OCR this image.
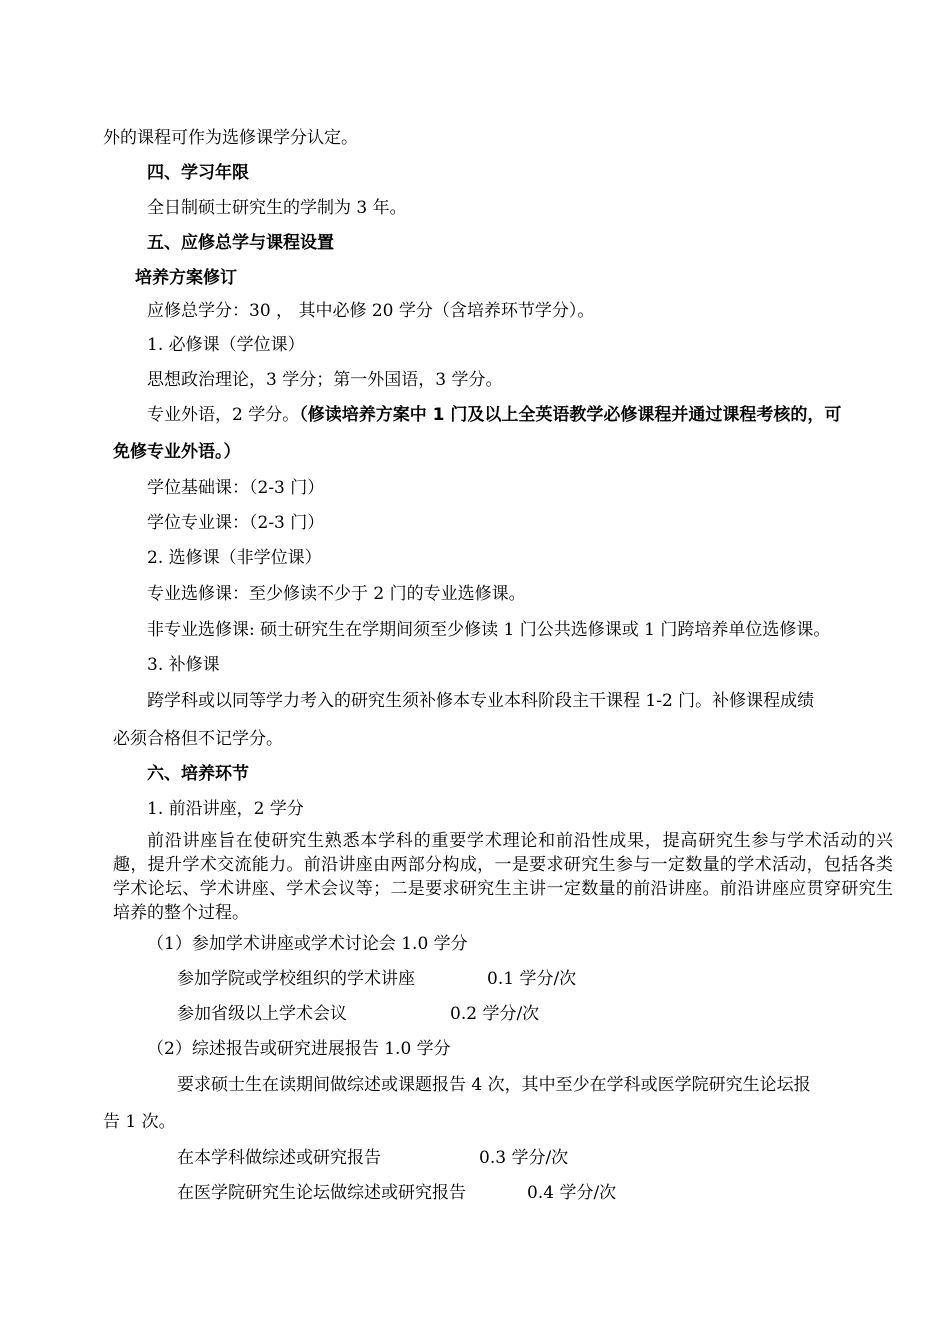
外的课程可作为选修课学分认定。
四、学习年限
全日制硕士研究生的学制为 3 年。
五、应修总学与课程设置
培养方案修订
应修总学分：30 ， 其中必修 20 学分（含培养环节学分）。
1. 必修课（学位课）
思想政治理论，3 学分；第一外国语，3 学分。
专业外语，2 学分。（修读培养方案中 1 门及以上全英语教学必修课程并通过课程考核的，可
免修专业外语。）
学位基础课：（2-3 门）
学位专业课：（2-3 门）
2. 选修课（非学位课）
专业选修课：至少修读不少于 2 门的专业选修课。
非专业选修课: 硕士研究生在学期间须至少修读 1 门公共选修课或 1 门跨培养单位选修课。
3. 补修课
跨学科或以同等学力考入的研究生须补修本专业本科阶段主干课程 1-2 门。补修课程成绩
必须合格但不记学分。
六、培养环节
1. 前沿讲座，2 学分
前沿讲座旨在使研究生熟悉本学科的重要学术理论和前沿性成果，提高研究生参与学术活动的兴趣，提升学术交流能力。前沿讲座由两部分构成，一是要求研究生参与一定数量的学术活动，包括各类学术论坛、学术讲座、学术会议等；二是要求研究生主讲一定数量的前沿讲座。前沿讲座应贯穿研究生培养的整个过程。
（1）参加学术讲座或学术讨论会 1.0 学分
参加学院或学校组织的学术讲座	0.1 学分/次
参加省级以上学术会议	0.2 学分/次
（2）综述报告或研究进展报告 1.0 学分
要求硕士生在读期间做综述或课题报告 4 次，其中至少在学科或医学院研究生论坛报
告 1 次。
在本学科做综述或研究报告	0.3 学分/次
在医学院研究生论坛做综述或研究报告	0.4 学分/次
